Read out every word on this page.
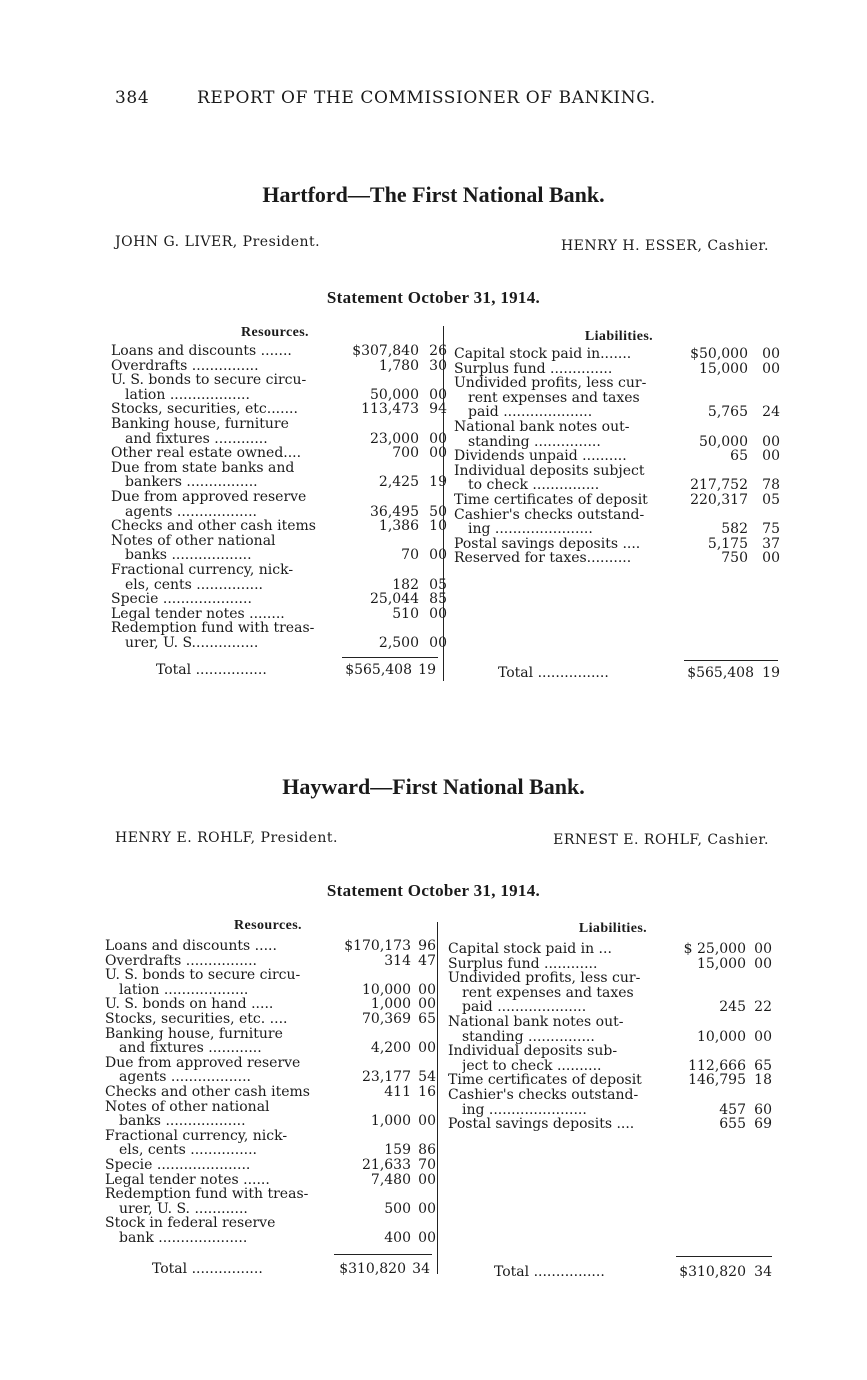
384	REPORT OF THE COMMISSIONER OF BANKING.
Hartford—The First National Bank.
JOHN G. LIVER, President.	HENRY H. ESSER, Cashier.
Statement October 31, 1914.
Resources.	Liabilities.
Loans and discounts .......	$307,840 26
Overdrafts ...............	1,780 30
U. S. bonds to secure circu-
lation ..................	50,000 00
Stocks, securities, etc.......	113,473 94
Banking house, furniture
and fixtures ............	23,000 00
Other real estate owned....	700 00
Due from state banks and
bankers ................	2,425 19
Due from approved reserve
agents ..................	36,495 50
Checks and other cash items	1,386 10
Notes of other national
banks ..................	70 00
Fractional currency, nick-
els, cents ...............	182 05
Specie ....................	25,044 85
Legal tender notes ........	510 00
Redemption fund with treas-
urer, U. S...............	2,500 00
Capital stock paid in.......	$50,000	00
Surplus fund ..............	15,000	00
Undivided profits, less cur-
rent expenses and taxes
paid ....................	5,765	24
National bank notes out-
standing ...............	50,000	00
Dividends unpaid ..........	65	00
Individual deposits subject
to check ...............	217,752	78
Time certificates of deposit	220,317	05
Cashier's checks outstand-
ing ......................	582	75
Postal savings deposits ....	5,175	37
Reserved for taxes..........	750	00
Total ................	$565,408 19	Total ................	$565,408 19
Hayward—First National Bank.
HENRY E. ROHLF, President.	ERNEST E. ROHLF, Cashier.
Statement October 31, 1914.
Resources.	Liabilities.
Loans and discounts .....	$170,173 96
Overdrafts ................	314 47
U. S. bonds to secure circu-
lation ...................	10,000 00
U. S. bonds on hand .....	1,000 00
Stocks, securities, etc. ....	70,369 65
Banking house, furniture
and fixtures ............	4,200 00
Due from approved reserve
agents ..................	23,177 54
Checks and other cash items	411 16
Notes of other national
banks ..................	1,000 00
Fractional currency, nick-
els, cents ...............	159 86
Specie .....................	21,633 70
Legal tender notes ......	7,480 00
Redemption fund with treas-
urer, U. S. ............	500 00
Stock in federal reserve
bank ....................	400 00
Capital stock paid in ...	$ 25,000 00
Surplus fund ............	15,000 00
Undivided profits, less cur-
rent expenses and taxes
paid ....................	245 22
National bank notes out-
standing ...............	10,000 00
Individual deposits sub-
ject to check ..........	112,666 65
Time certificates of deposit	146,795 18
Cashier's checks outstand-
ing ......................	457 60
Postal savings deposits ....	655 69
Total ................	$310,820 34	Total ................	$310,820 34
